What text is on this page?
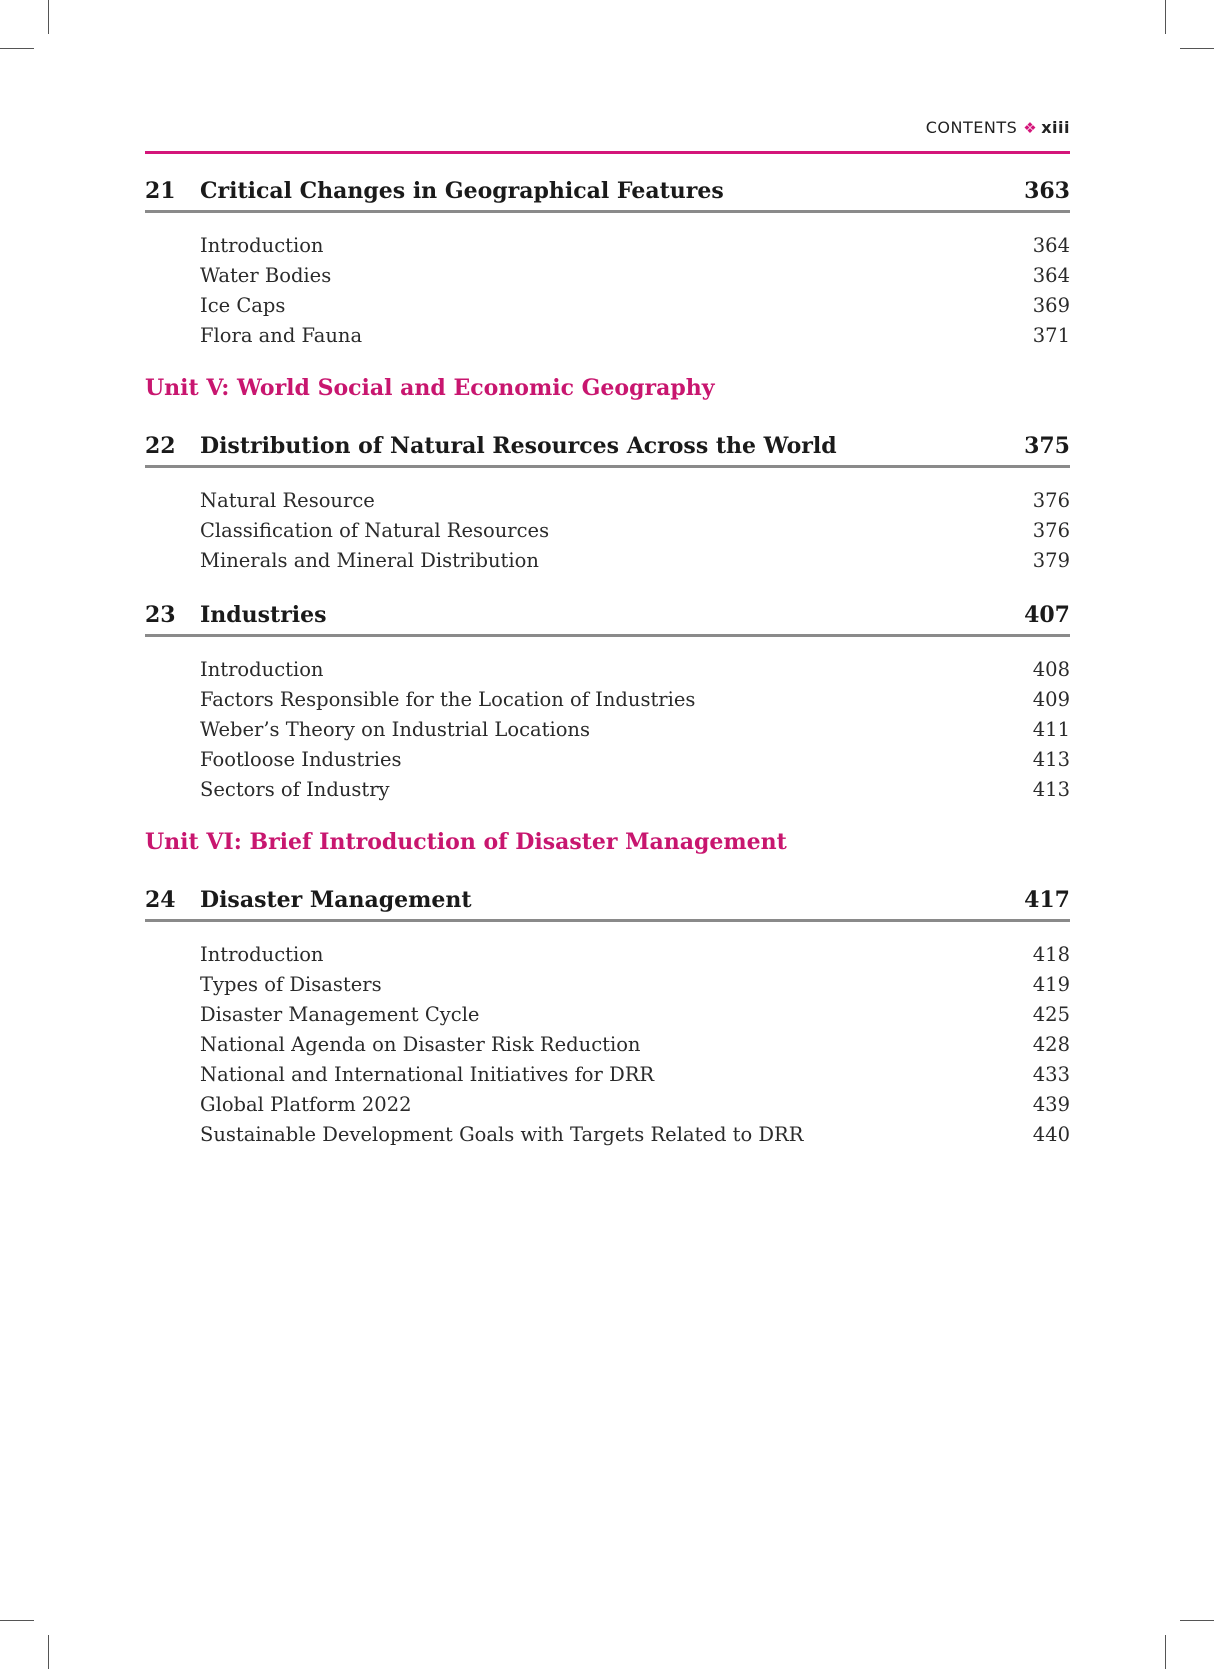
CONTENTS ❖ xiii
21	Critical Changes in Geographical Features	363
Introduction	364
Water Bodies	364
Ice Caps	369
Flora and Fauna	371
Unit V: World Social and Economic Geography
22	Distribution of Natural Resources Across the World	375
Natural Resource	376
Classification of Natural Resources	376
Minerals and Mineral Distribution	379
23	Industries	407
Introduction	408
Factors Responsible for the Location of Industries	409
Weber’s Theory on Industrial Locations	411
Footloose Industries	413
Sectors of Industry	413
Unit VI: Brief Introduction of Disaster Management
24	Disaster Management	417
Introduction	418
Types of Disasters	419
Disaster Management Cycle	425
National Agenda on Disaster Risk Reduction	428
National and International Initiatives for DRR	433
Global Platform 2022	439
Sustainable Development Goals with Targets Related to DRR	440
